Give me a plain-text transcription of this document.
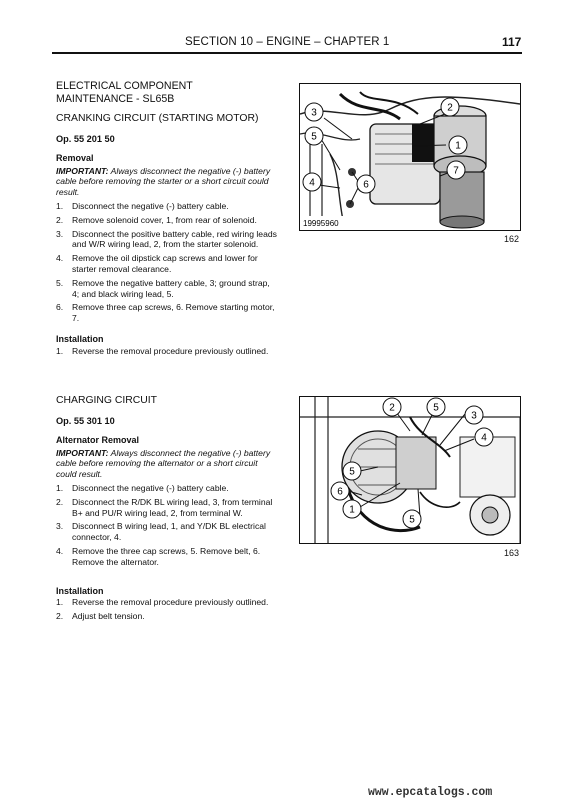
SECTION 10 – ENGINE – CHAPTER 1	117
ELECTRICAL COMPONENT
MAINTENANCE - SL65B
CRANKING CIRCUIT (STARTING MOTOR)
Op. 55 201 50
Removal
IMPORTANT: Always disconnect the negative (-) battery cable before removing the starter or a short circuit could result.
1. Disconnect the negative (-) battery cable.
2. Remove solenoid cover, 1, from rear of solenoid.
3. Disconnect the positive battery cable, red wiring leads and W/R wiring lead, 2, from the starter solenoid.
4. Remove the oil dipstick cap screws and lower for starter removal clearance.
5. Remove the negative battery cable, 3; ground strap, 4; and black wiring lead, 5.
6. Remove three cap screws, 6. Remove starting motor, 7.
Installation
1. Reverse the removal procedure previously outlined.
CHARGING CIRCUIT
Op. 55 301 10
Alternator Removal
IMPORTANT: Always disconnect the negative (-) battery cable before removing the alternator or a short circuit could result.
1. Disconnect the negative (-) battery cable.
2. Disconnect the R/DK BL wiring lead, 3, from terminal B+ and PU/R wiring lead, 2, from terminal W.
3. Disconnect B wiring lead, 1, and Y/DK BL electrical connector, 4.
4. Remove the three cap screws, 5. Remove belt, 6. Remove the alternator.
Installation
1. Reverse the removal procedure previously outlined.
2. Adjust belt tension.
3	2
1
5
4	6
7
19995960
162
2	5
3
4
5
6
1
5
163
www.epcatalogs.com
